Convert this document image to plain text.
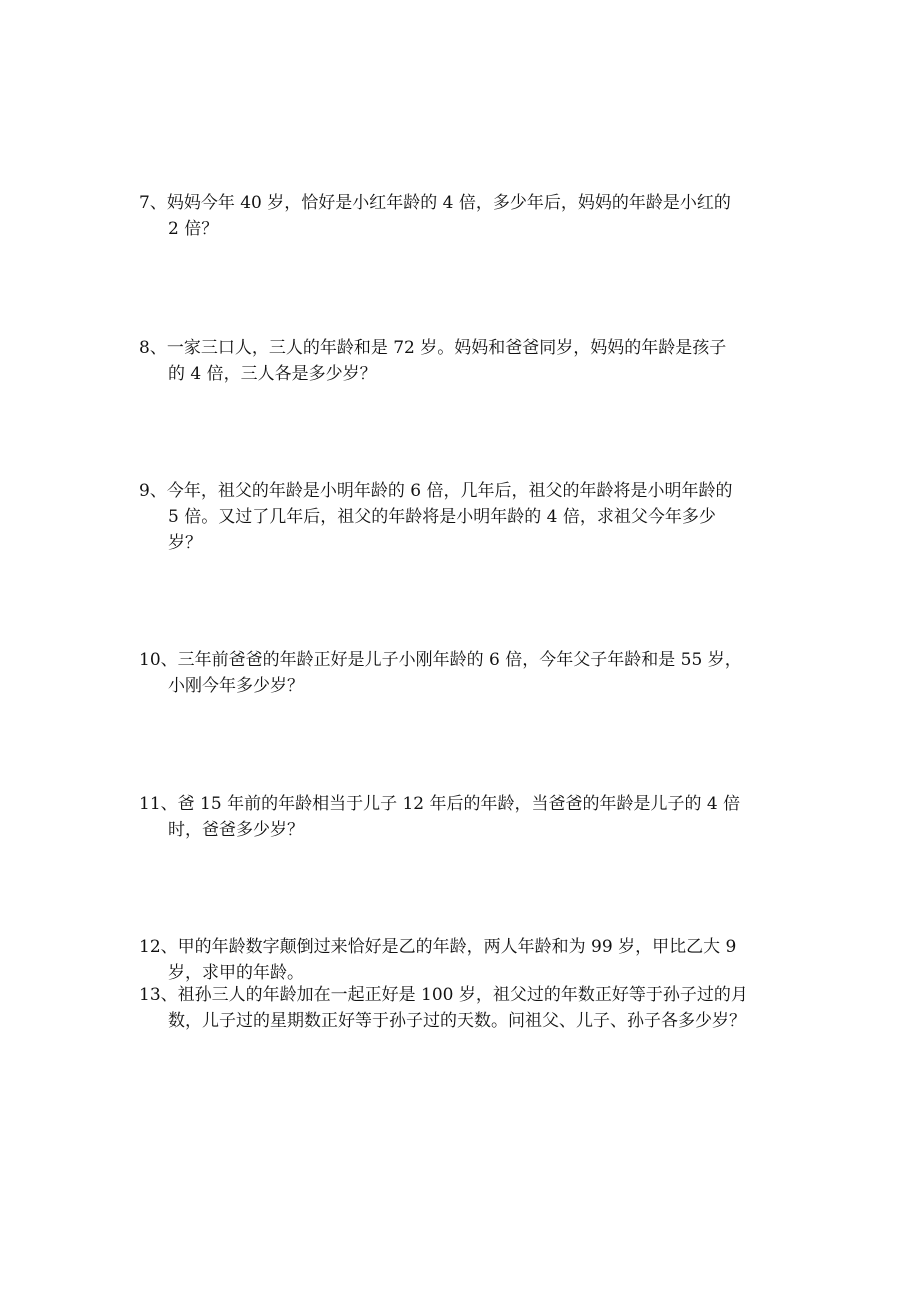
7、妈妈今年 40 岁，恰好是小红年龄的 4 倍，多少年后，妈妈的年龄是小红的
2 倍？
8、一家三口人，三人的年龄和是 72 岁。妈妈和爸爸同岁，妈妈的年龄是孩子
的 4 倍，三人各是多少岁？
9、今年，祖父的年龄是小明年龄的 6 倍，几年后，祖父的年龄将是小明年龄的
5 倍。又过了几年后，祖父的年龄将是小明年龄的 4 倍，求祖父今年多少
岁？
10、三年前爸爸的年龄正好是儿子小刚年龄的 6 倍，今年父子年龄和是 55 岁，
小刚今年多少岁？
11、爸 15 年前的年龄相当于儿子 12 年后的年龄，当爸爸的年龄是儿子的 4 倍
时，爸爸多少岁？
12、甲的年龄数字颠倒过来恰好是乙的年龄，两人年龄和为 99 岁，甲比乙大 9
岁，求甲的年龄。
13、祖孙三人的年龄加在一起正好是 100 岁，祖父过的年数正好等于孙子过的月
数，儿子过的星期数正好等于孙子过的天数。问祖父、儿子、孙子各多少岁？
